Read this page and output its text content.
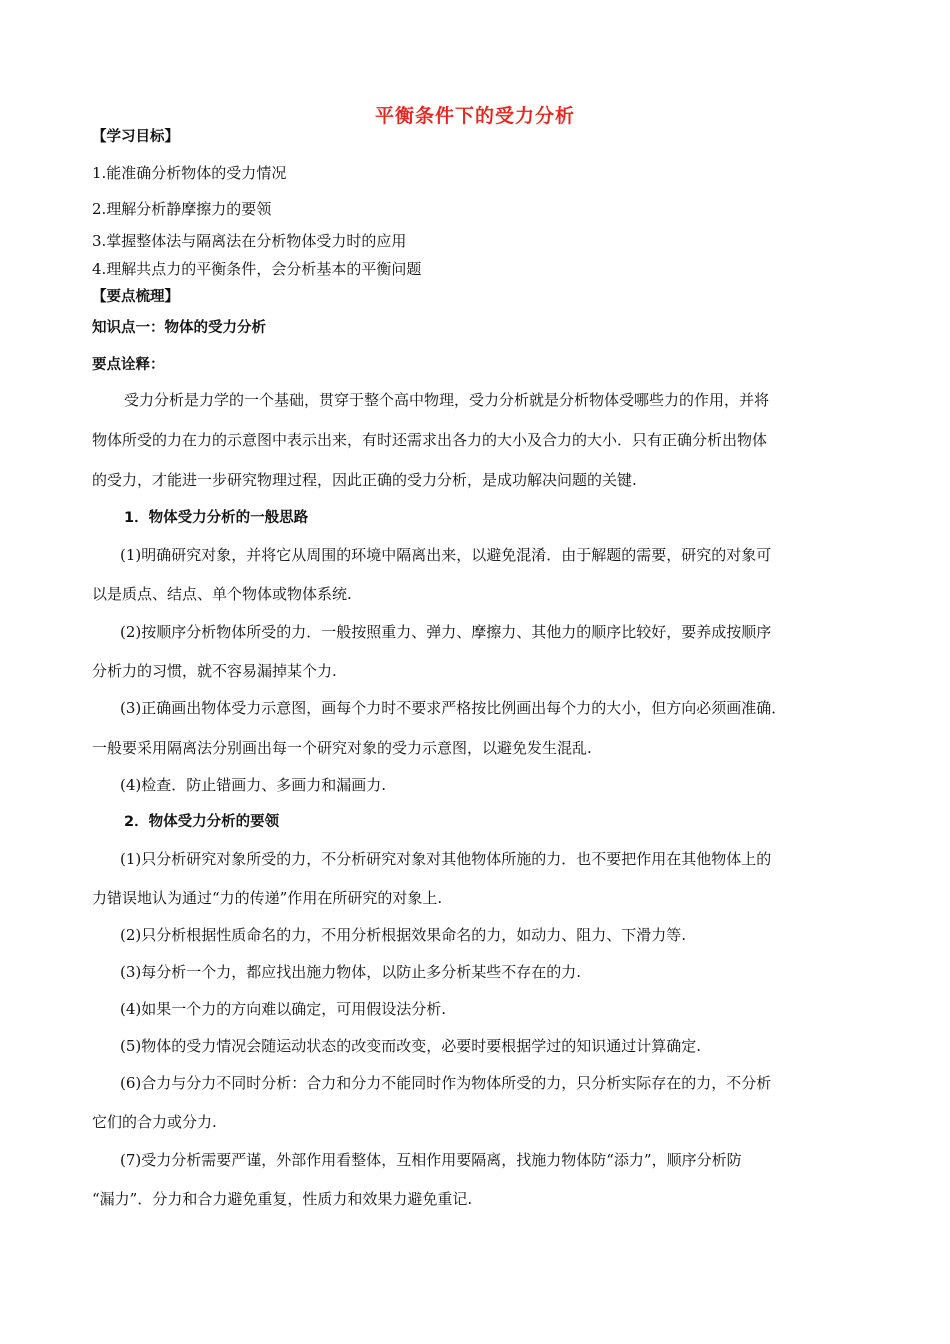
平衡条件下的受力分析
【学习目标】
1.能准确分析物体的受力情况
2.理解分析静摩擦力的要领
3.掌握整体法与隔离法在分析物体受力时的应用
4.理解共点力的平衡条件，会分析基本的平衡问题
【要点梳理】
知识点一：物体的受力分析
要点诠释：
受力分析是力学的一个基础，贯穿于整个高中物理，受力分析就是分析物体受哪些力的作用，并将
物体所受的力在力的示意图中表示出来，有时还需求出各力的大小及合力的大小．只有正确分析出物体
的受力，才能进一步研究物理过程，因此正确的受力分析，是成功解决问题的关键.
1．物体受力分析的一般思路
(1)明确研究对象，并将它从周围的环境中隔离出来，以避免混淆．由于解题的需要，研究的对象可
以是质点、结点、单个物体或物体系统.
(2)按顺序分析物体所受的力．一般按照重力、弹力、摩擦力、其他力的顺序比较好，要养成按顺序
分析力的习惯，就不容易漏掉某个力.
(3)正确画出物体受力示意图，画每个力时不要求严格按比例画出每个力的大小，但方向必须画准确．
一般要采用隔离法分别画出每一个研究对象的受力示意图，以避免发生混乱.
(4)检查．防止错画力、多画力和漏画力.
2．物体受力分析的要领
(1)只分析研究对象所受的力，不分析研究对象对其他物体所施的力．也不要把作用在其他物体上的
力错误地认为通过“力的传递”作用在所研究的对象上.
(2)只分析根据性质命名的力，不用分析根据效果命名的力，如动力、阻力、下滑力等.
(3)每分析一个力，都应找出施力物体，以防止多分析某些不存在的力.
(4)如果一个力的方向难以确定，可用假设法分析.
(5)物体的受力情况会随运动状态的改变而改变，必要时要根据学过的知识通过计算确定.
(6)合力与分力不同时分析：合力和分力不能同时作为物体所受的力，只分析实际存在的力，不分析
它们的合力或分力.
(7)受力分析需要严谨，外部作用看整体，互相作用要隔离，找施力物体防“添力”，顺序分析防
“漏力”．分力和合力避免重复，性质力和效果力避免重记.
